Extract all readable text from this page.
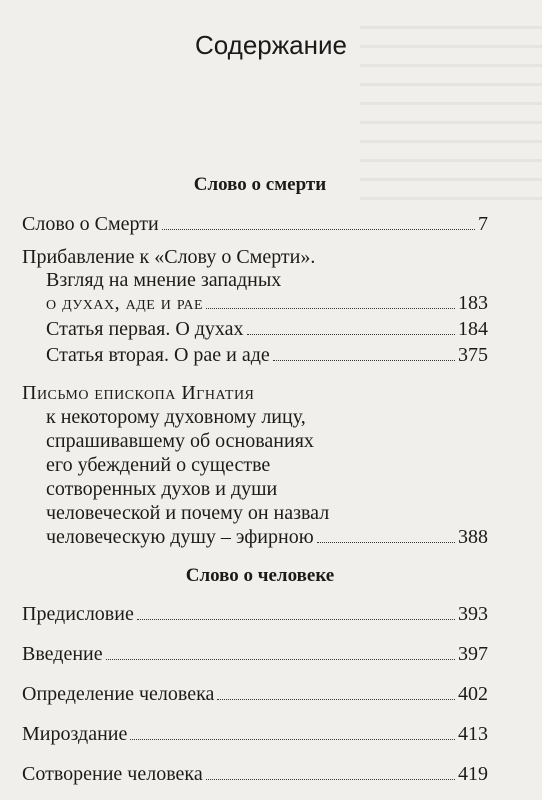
Содержание
Слово о смерти
Слово о Смерти	7
Прибавление к «Слову о Смерти».
Взгляд на мнение западных
о духах, аде и рае	183
Статья первая. О духах	184
Статья вторая. О рае и аде	375
Письмо епископа Игнатия
к некоторому духовному лицу,
спрашивавшему об основаниях
его убеждений о существе
сотворенных духов и души
человеческой и почему он назвал
человеческую душу – эфирною	388
Слово о человеке
Предисловие	393
Введение	397
Определение человека	402
Мироздание	413
Сотворение человека	419
